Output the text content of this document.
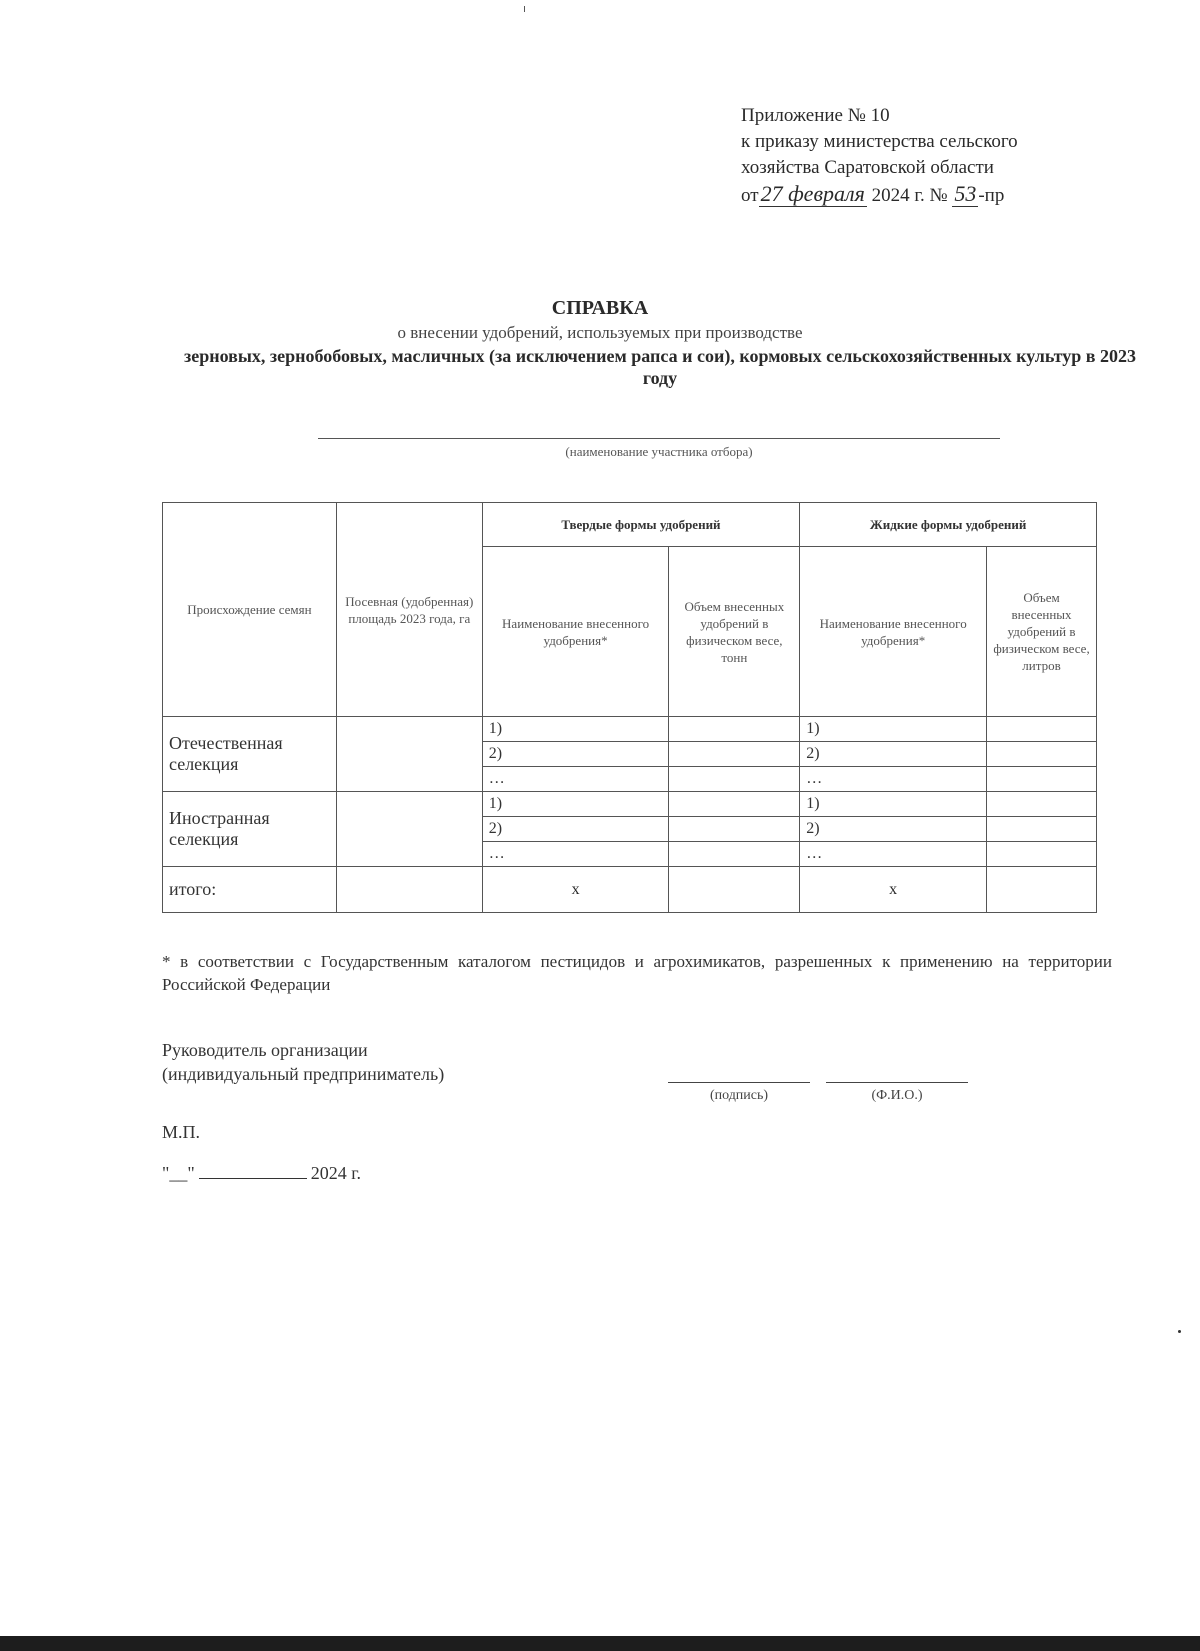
Приложение № 10
к приказу министерства сельского
хозяйства Саратовской области
от27 февраля 2024 г. № 53 -пр
СПРАВКА
о внесении удобрений, используемых при производстве
зерновых, зернобобовых, масличных (за исключением рапса и сои), кормовых сельскохозяйственных культур в 2023 году
(наименование участника отбора)
Происхождение семян	Посевная (удобренная) площадь 2023 года, га	Твердые формы удобрений		Жидкие формы удобрений	
		Наименование внесенного удобрения*	Объем внесенных удобрений в физическом весе, тонн	Наименование внесенного удобрения*	Объем внесенных удобрений в физическом весе, литров
Отечественная селекция		1)		1)	
		2)		2)	
		…		…	
Иностранная селекция		1)		1)	
		2)		2)	
		…		…	
итого:		х		х	
* в соответствии с Государственным каталогом пестицидов и агрохимикатов, разрешенных к применению на территории Российской Федерации
Руководитель организации
(индивидуальный предприниматель)
(подпись)	(Ф.И.О.)
М.П.
"__"	2024 г.
